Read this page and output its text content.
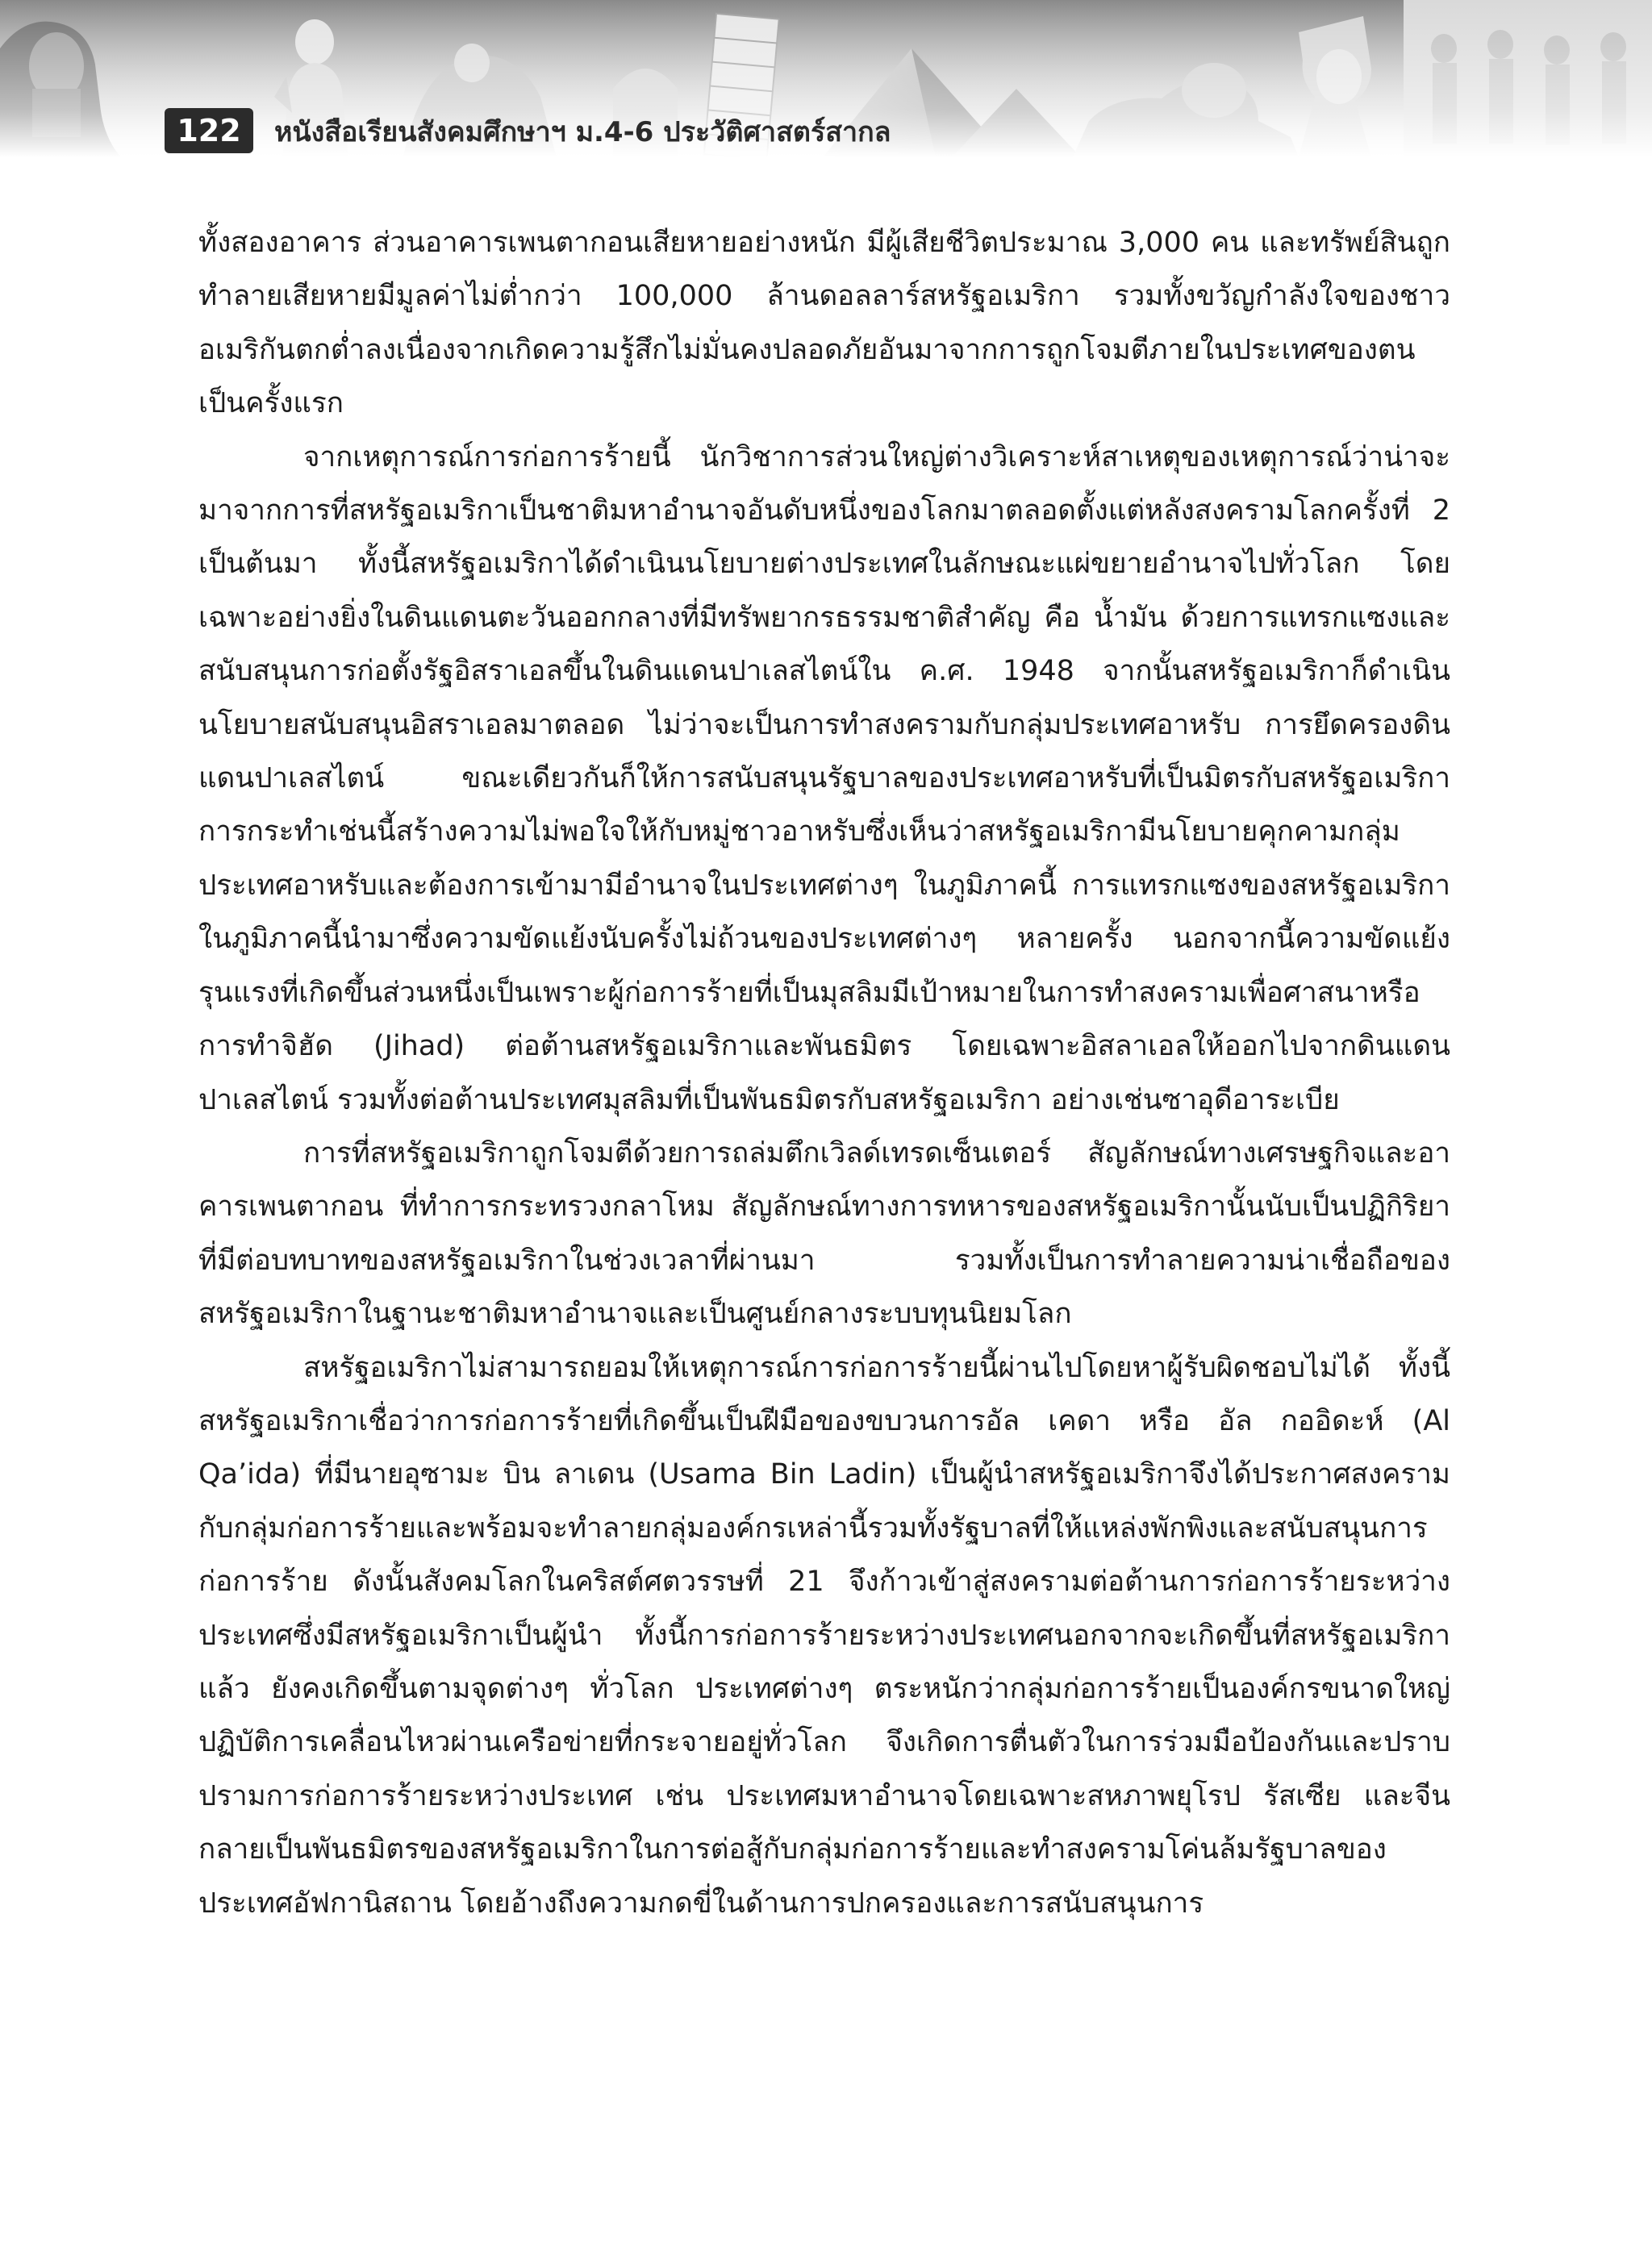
122	หนังสือเรียนสังคมศึกษาฯ ม.4-6 ประวัติศาสตร์สากล

ทั้งสองอาคาร ส่วนอาคารเพนตากอนเสียหายอย่างหนัก มีผู้เสียชีวิตประมาณ 3,000 คน และทรัพย์สินถูกทำลายเสียหายมีมูลค่าไม่ต่ำกว่า 100,000 ล้านดอลลาร์สหรัฐอเมริกา รวมทั้งขวัญกำลังใจของชาวอเมริกันตกต่ำลงเนื่องจากเกิดความรู้สึกไม่มั่นคงปลอดภัยอันมาจากการถูกโจมตีภายในประเทศของตนเป็นครั้งแรก

จากเหตุการณ์การก่อการร้ายนี้ นักวิชาการส่วนใหญ่ต่างวิเคราะห์สาเหตุของเหตุการณ์ว่าน่าจะมาจากการที่สหรัฐอเมริกาเป็นชาติมหาอำนาจอันดับหนึ่งของโลกมาตลอดตั้งแต่หลังสงครามโลกครั้งที่ 2 เป็นต้นมา ทั้งนี้สหรัฐอเมริกาได้ดำเนินนโยบายต่างประเทศในลักษณะแผ่ขยายอำนาจไปทั่วโลก โดยเฉพาะอย่างยิ่งในดินแดนตะวันออกกลางที่มีทรัพยากรธรรมชาติสำคัญ คือ น้ำมัน ด้วยการแทรกแซงและสนับสนุนการก่อตั้งรัฐอิสราเอลขึ้นในดินแดนปาเลสไตน์ใน ค.ศ. 1948 จากนั้นสหรัฐอเมริกาก็ดำเนินนโยบายสนับสนุนอิสราเอลมาตลอด ไม่ว่าจะเป็นการทำสงครามกับกลุ่มประเทศอาหรับ การยึดครองดินแดนปาเลสไตน์ ขณะเดียวกันก็ให้การสนับสนุนรัฐบาลของประเทศอาหรับที่เป็นมิตรกับสหรัฐอเมริกา การกระทำเช่นนี้สร้างความไม่พอใจให้กับหมู่ชาวอาหรับซึ่งเห็นว่าสหรัฐอเมริกามีนโยบายคุกคามกลุ่มประเทศอาหรับและต้องการเข้ามามีอำนาจในประเทศต่างๆ ในภูมิภาคนี้ การแทรกแซงของสหรัฐอเมริกาในภูมิภาคนี้นำมาซึ่งความขัดแย้งนับครั้งไม่ถ้วนของประเทศต่างๆ หลายครั้ง นอกจากนี้ความขัดแย้งรุนแรงที่เกิดขึ้นส่วนหนึ่งเป็นเพราะผู้ก่อการร้ายที่เป็นมุสลิมมีเป้าหมายในการทำสงครามเพื่อศาสนาหรือการทำจิฮัด (Jihad) ต่อต้านสหรัฐอเมริกาและพันธมิตร โดยเฉพาะอิสลาเอลให้ออกไปจากดินแดนปาเลสไตน์ รวมทั้งต่อต้านประเทศมุสลิมที่เป็นพันธมิตรกับสหรัฐอเมริกา อย่างเช่นซาอุดีอาระเบีย

การที่สหรัฐอเมริกาถูกโจมตีด้วยการถล่มตึกเวิลด์เทรดเซ็นเตอร์ สัญลักษณ์ทางเศรษฐกิจและอาคารเพนตากอน ที่ทำการกระทรวงกลาโหม สัญลักษณ์ทางการทหารของสหรัฐอเมริกานั้นนับเป็นปฏิกิริยาที่มีต่อบทบาทของสหรัฐอเมริกาในช่วงเวลาที่ผ่านมา รวมทั้งเป็นการทำลายความน่าเชื่อถือของสหรัฐอเมริกาในฐานะชาติมหาอำนาจและเป็นศูนย์กลางระบบทุนนิยมโลก

สหรัฐอเมริกาไม่สามารถยอมให้เหตุการณ์การก่อการร้ายนี้ผ่านไปโดยหาผู้รับผิดชอบไม่ได้ ทั้งนี้สหรัฐอเมริกาเชื่อว่าการก่อการร้ายที่เกิดขึ้นเป็นฝีมือของขบวนการอัล เคดา หรือ อัล กออิดะห์ (Al Qa’ida) ที่มีนายอุซามะ บิน ลาเดน (Usama Bin Ladin) เป็นผู้นำสหรัฐอเมริกาจึงได้ประกาศสงครามกับกลุ่มก่อการร้ายและพร้อมจะทำลายกลุ่มองค์กรเหล่านี้รวมทั้งรัฐบาลที่ให้แหล่งพักพิงและสนับสนุนการก่อการร้าย ดังนั้นสังคมโลกในคริสต์ศตวรรษที่ 21 จึงก้าวเข้าสู่สงครามต่อต้านการก่อการร้ายระหว่างประเทศซึ่งมีสหรัฐอเมริกาเป็นผู้นำ ทั้งนี้การก่อการร้ายระหว่างประเทศนอกจากจะเกิดขึ้นที่สหรัฐอเมริกาแล้ว ยังคงเกิดขึ้นตามจุดต่างๆ ทั่วโลก ประเทศต่างๆ ตระหนักว่ากลุ่มก่อการร้ายเป็นองค์กรขนาดใหญ่ ปฏิบัติการเคลื่อนไหวผ่านเครือข่ายที่กระจายอยู่ทั่วโลก จึงเกิดการตื่นตัวในการร่วมมือป้องกันและปราบปรามการก่อการร้ายระหว่างประเทศ เช่น ประเทศมหาอำนาจโดยเฉพาะสหภาพยุโรป รัสเซีย และจีนกลายเป็นพันธมิตรของสหรัฐอเมริกาในการต่อสู้กับกลุ่มก่อการร้ายและทำสงครามโค่นล้มรัฐบาลของประเทศอัฟกานิสถาน โดยอ้างถึงความกดขี่ในด้านการปกครองและการสนับสนุนการ
